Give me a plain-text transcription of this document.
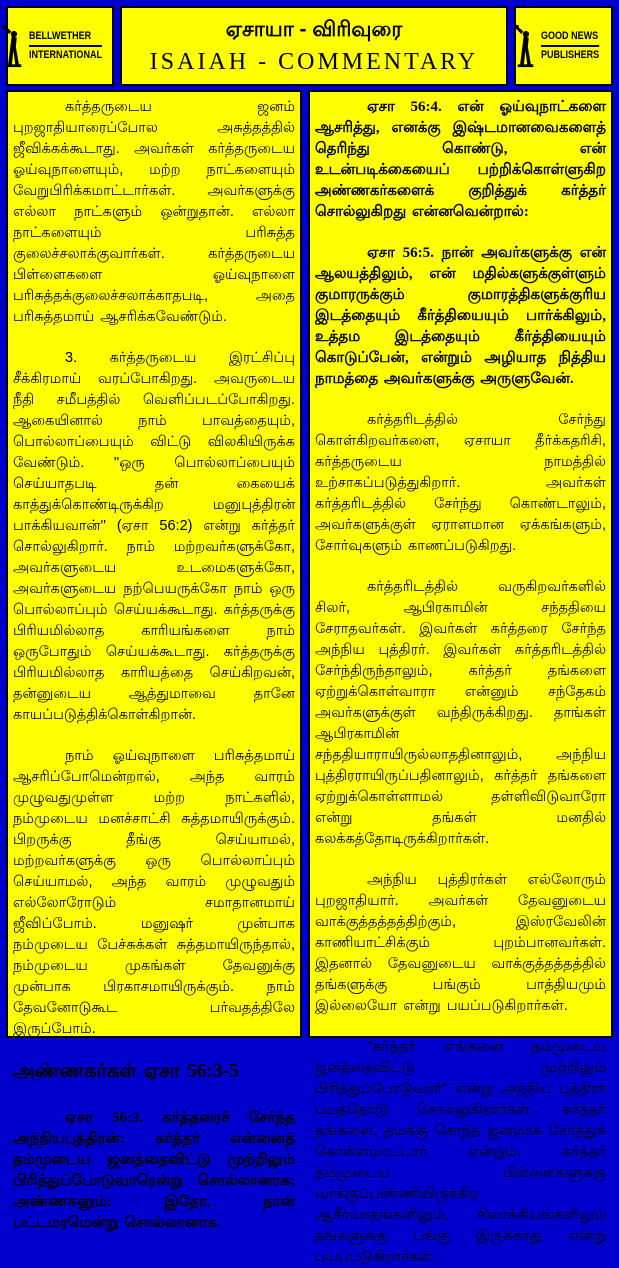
BELLWETHER
INTERNATIONAL
ஏசாயா - விரிவுரை
ISAIAH - COMMENTARY
GOOD NEWS
PUBLISHERS

கர்த்தருடைய ஜனம் புறஜாதியாரைப்போல அசுத்தத்தில் ஜீவிக்கக்கூடாது. அவர்கள் கர்த்தருடைய ஓய்வுநாளையும், மற்ற நாட்களையும் வேறுபிரிக்கமாட்டார்கள். அவர்களுக்கு எல்லா நாட்களும் ஒன்றுதான். எல்லா நாட்களையும் பரிசுத்த குலைச்சலாக்குவார்கள். கர்த்தருடைய பிள்ளைகளை ஓய்வுநாளை பரிசுத்தக்குலைச்சலாக்காதபடி, அதை பரிசுத்தமாய் ஆசரிக்கவேண்டும்.

3. கர்த்தருடைய இரட்சிப்பு சீக்கிரமாய் வரப்போகிறது. அவருடைய நீதி சமீபத்தில் வெளிப்படப்போகிறது. ஆகையினால் நாம் பாவத்தையும், பொல்லாப்பையும் விட்டு விலகியிருக்க வேண்டும். ''ஒரு பொல்லாப்பையும் செய்யாதபடி தன் கையைக் காத்துக்கொண்டிருக்கிற மனுபுத்திரன் பாக்கியவான்'' (ஏசா 56:2) என்று கர்த்தர் சொல்லுகிறார். நாம் மற்றவர்களுக்கோ, அவர்களுடைய உடமைகளுக்கோ, அவர்களுடைய நற்பெயருக்கோ நாம் ஒரு பொல்லாப்பும் செய்யக்கூடாது. கர்த்தருக்கு பிரியமில்லாத காரியங்களை நாம் ஒருபோதும் செய்யக்கூடாது. கர்த்தருக்கு பிரியமில்லாத காரியத்தை செய்கிறவன், தன்னுடைய ஆத்துமாவை தானே காயப்படுத்திக்கொள்கிறான்.

நாம் ஓய்வுநாளை பரிசுத்தமாய் ஆசரிப்போமென்றால், அந்த வாரம் முழுவதுமுள்ள மற்ற நாட்களில், நம்முடைய மனச்சாட்சி சுத்தமாயிருக்கும். பிறருக்கு தீங்கு செய்யாமல், மற்றவர்களுக்கு ஒரு பொல்லாப்பும் செய்யாமல், அந்த வாரம் முழுவதும் எல்லோரோடும் சமாதானமாய் ஜீவிப்போம். மனுஷர் முன்பாக நம்முடைய பேச்சுக்கள் சுத்தமாயிருந்தால், நம்முடைய முகங்கள் தேவனுக்கு முன்பாக பிரகாசமாயிருக்கும். நாம் தேவனோடுகூட பர்வதத்திலே இருப்போம்.

அண்ணகர்கள் ஏசா 56:3-5

ஏசா 56:3. கர்த்தரைச் சேர்ந்த அந்நியபுத்திரன்: கர்த்தர் என்னைத் தம்முடைய ஜனத்தைவிட்டு முற்றிலும் பிரித்துப்போடுவாரென்று சொல்லானாக; அண்ணகனும்: இதோ, நான் பட்டமரமென்று சொல்லானாக.

ஏசா 56:4. என் ஓய்வுநாட்களை ஆசரித்து, எனக்கு இஷ்டமானவைகளைத் தெரிந்து கொண்டு, என் உடன்படிக்கையைப் பற்றிக்கொள்ளுகிற அண்ணகர்களைக் குறித்துக் கர்த்தர் சொல்லுகிறது என்னவென்றால்:

ஏசா 56:5. நான் அவர்களுக்கு என் ஆலயத்திலும், என் மதில்களுக்குள்ளும் குமாரருக்கும் குமாரத்திகளுக்குரிய இடத்தையும் கீர்த்தியையும் பார்க்கிலும், உத்தம இடத்தையும் கீர்த்தியையும் கொடுப்பேன், என்றும் அழியாத நித்திய நாமத்தை அவர்களுக்கு அருளுவேன்.

கர்த்தரிடத்தில் சேர்ந்து கொள்கிறவர்களை, ஏசாயா தீர்க்கதரிசி, கர்த்தருடைய நாமத்தில் உற்சாகப்படுத்துகிறார். அவர்கள் கர்த்தரிடத்தில் சேர்ந்து கொண்டாலும், அவர்களுக்குள் ஏராளமான ஏக்கங்களும், சோர்வுகளும் காணப்படுகிறது.

கர்த்தரிடத்தில் வருகிறவர்களில் சிலர், ஆபிரகாமின் சந்ததியை சேராதவர்கள். இவர்கள் கர்த்தரை சேர்ந்த அந்நிய புத்திரர். இவர்கள் கர்த்தரிடத்தில் சேர்ந்திருந்தாலும், கர்த்தர் தங்களை ஏற்றுக்கொள்வாரா என்னும் சந்தேகம் அவர்களுக்குள் வந்திருக்கிறது. தாங்கள் ஆபிரகாமின் சந்ததியாராயிருல்லாததினாலும், அந்நிய புத்திரராயிருப்பதினாலும், கர்த்தர் தங்களை ஏற்றுக்கொள்ளாமல் தள்ளிவிடுவாரோ என்று தங்கள் மனதில் கலக்கத்தோடிருக்கிறார்கள்.

அந்நிய புத்திரர்கள் எல்லோரும் புறஜாதியார். அவர்கள் தேவனுடைய வாக்குத்தத்தத்திற்கும், இஸ்ரவேலின் காணியாட்சிக்கும் புறம்பானவர்கள். இதனால் தேவனுடைய வாக்குத்தத்தத்தில் தங்களுக்கு பங்கும் பாத்தியமும் இல்லையோ என்று பயப்படுகிறார்கள்.

''கர்த்தர் எங்களை தம்முடைய ஜனத்தைவிட்டு முற்றிலும் பிரித்துப்போடுவார்'' என்று அந்நிய புத்திரர் பயத்தோடு சொல்லுகிறார்கள். கர்த்தர் தங்களை, தமக்கு சொந்த ஜனமாக சேர்த்துக் கொள்ளமாட்டார் என்றும், கர்த்தர் தம்முடைய பிள்ளைகளுக்கு வாக்குப்பண்ணியிருக்கிற ஆசீர்வாதங்களிலும், சிலாக்கியங்களிலும் தங்களுக்கு பங்கு இருக்காது என்று பயப்படுகிறார்கள்.
